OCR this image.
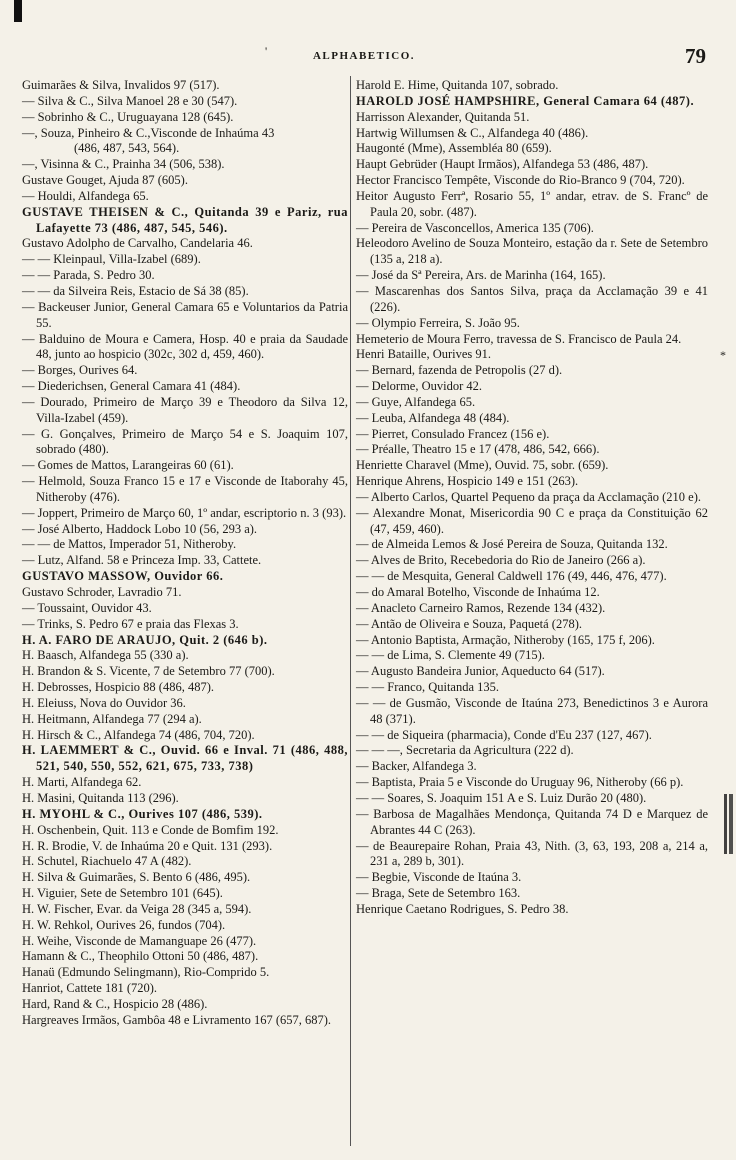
'	ALPHABETICO.	79
Guimarães & Silva, Invalidos 97 (517).
— Silva & C., Silva Manoel 28 e 30 (547).
— Sobrinho & C., Uruguayana 128 (645).
—, Souza, Pinheiro & C.,Visconde de Inhaúma 43
(486, 487, 543, 564).
—, Visinna & C., Prainha 34 (506, 538).
Gustave Gouget, Ajuda 87 (605).
— Houldi, Alfandega 65.
GUSTAVE THEISEN & C., Quitanda 39 e Pariz, rua Lafayette 73 (486, 487, 545, 546).
Gustavo Adolpho de Carvalho, Candelaria 46.
— — Kleinpaul, Villa-Izabel (689).
— — Parada, S. Pedro 30.
— — da Silveira Reis, Estacio de Sá 38 (85).
— Backeuser Junior, General Camara 65 e Voluntarios da Patria 55.
— Balduino de Moura e Camera, Hosp. 40 e praia da Saudade 48, junto ao hospicio (302c, 302 d, 459, 460).
— Borges, Ourives 64.
— Diederichsen, General Camara 41 (484).
— Dourado, Primeiro de Março 39 e Theodoro da Silva 12, Villa-Izabel (459).
— G. Gonçalves, Primeiro de Março 54 e S. Joaquim 107, sobrado (480).
— Gomes de Mattos, Larangeiras 60 (61).
— Helmold, Souza Franco 15 e 17 e Visconde de Itaborahy 45, Nitheroby (476).
— Joppert, Primeiro de Março 60, 1º andar, escriptorio n. 3 (93).
— José Alberto, Haddock Lobo 10 (56, 293 a).
— — de Mattos, Imperador 51, Nitheroby.
— Lutz, Alfand. 58 e Princeza Imp. 33, Cattete.
GUSTAVO MASSOW, Ouvidor 66.
Gustavo Schroder, Lavradio 71.
— Toussaint, Ouvidor 43.
— Trinks, S. Pedro 67 e praia das Flexas 3.
H. A. FARO DE ARAUJO, Quit. 2 (646 b).
H. Baasch, Alfandega 55 (330 a).
H. Brandon & S. Vicente, 7 de Setembro 77 (700).
H. Debrosses, Hospicio 88 (486, 487).
H. Eleiuss, Nova do Ouvidor 36.
H. Heitmann, Alfandega 77 (294 a).
H. Hirsch & C., Alfandega 74 (486, 704, 720).
H. LAEMMERT & C., Ouvid. 66 e Inval. 71 (486, 488, 521, 540, 550, 552, 621, 675, 733, 738)
H. Marti, Alfandega 62.
H. Masini, Quitanda 113 (296).
H. MYOHL & C., Ourives 107 (486, 539).
H. Oschenbein, Quit. 113 e Conde de Bomfim 192.
H. R. Brodie, V. de Inhaúma 20 e Quit. 131 (293).
H. Schutel, Riachuelo 47 A (482).
H. Silva & Guimarães, S. Bento 6 (486, 495).
H. Viguier, Sete de Setembro 101 (645).
H. W. Fischer, Evar. da Veiga 28 (345 a, 594).
H. W. Rehkol, Ourives 26, fundos (704).
H. Weihe, Visconde de Mamanguape 26 (477).
Hamann & C., Theophilo Ottoni 50 (486, 487).
Hanaü (Edmundo Selingmann), Rio-Comprido 5.
Hanriot, Cattete 181 (720).
Hard, Rand & C., Hospicio 28 (486).
Hargreaves Irmãos, Gambôa 48 e Livramento 167 (657, 687).
Harold E. Hime, Quitanda 107, sobrado.
HAROLD JOSÉ HAMPSHIRE, General Camara 64 (487).
Harrisson Alexander, Quitanda 51.
Hartwig Willumsen & C., Alfandega 40 (486).
Haugonté (Mme), Assembléa 80 (659).
Haupt Gebrüder (Haupt Irmãos), Alfandega 53 (486, 487).
Hector Francisco Tempête, Visconde do Rio-Branco 9 (704, 720).
Heitor Augusto Ferrª, Rosario 55, 1º andar, etrav. de S. Francº de Paula 20, sobr. (487).
— Pereira de Vasconcellos, America 135 (706).
Heleodoro Avelino de Souza Monteiro, estação da r. Sete de Setembro (135 a, 218 a).
— José da Sª Pereira, Ars. de Marinha (164, 165).
— Mascarenhas dos Santos Silva, praça da Acclamação 39 e 41 (226).
— Olympio Ferreira, S. João 95.
Hemeterio de Moura Ferro, travessa de S. Francisco de Paula 24.
Henri Bataille, Ourives 91.
— Bernard, fazenda de Petropolis (27 d).
— Delorme, Ouvidor 42.
— Guye, Alfandega 65.
— Leuba, Alfandega 48 (484).
— Pierret, Consulado Francez (156 e).
— Préalle, Theatro 15 e 17 (478, 486, 542, 666).
Henriette Charavel (Mme), Ouvid. 75, sobr. (659).
Henrique Ahrens, Hospicio 149 e 151 (263).
— Alberto Carlos, Quartel Pequeno da praça da Acclamação (210 e).
— Alexandre Monat, Misericordia 90 C e praça da Constituição 62 (47, 459, 460).
— de Almeida Lemos & José Pereira de Souza, Quitanda 132.
— Alves de Brito, Recebedoria do Rio de Janeiro (266 a).
— — de Mesquita, General Caldwell 176 (49, 446, 476, 477).
— do Amaral Botelho, Visconde de Inhaúma 12.
— Anacleto Carneiro Ramos, Rezende 134 (432).
— Antão de Oliveira e Souza, Paquetá (278).
— Antonio Baptista, Armação, Nitheroby (165, 175 f, 206).
— — de Lima, S. Clemente 49 (715).
— Augusto Bandeira Junior, Aqueducto 64 (517).
— — Franco, Quitanda 135.
— — de Gusmão, Visconde de Itaúna 273, Benedictinos 3 e Aurora 48 (371).
— — de Siqueira (pharmacia), Conde d'Eu 237 (127, 467).
— — —, Secretaria da Agricultura (222 d).
— Backer, Alfandega 3.
— Baptista, Praia 5 e Visconde do Uruguay 96, Nitheroby (66 p).
— — Soares, S. Joaquim 151 A e S. Luiz Durão 20 (480).
— Barbosa de Magalhães Mendonça, Quitanda 74 D e Marquez de Abrantes 44 C (263).
— de Beaurepaire Rohan, Praia 43, Nith. (3, 63, 193, 208 a, 214 a, 231 a, 289 b, 301).
— Begbie, Visconde de Itaúna 3.
— Braga, Sete de Setembro 163.
Henrique Caetano Rodrigues, S. Pedro 38.
*
